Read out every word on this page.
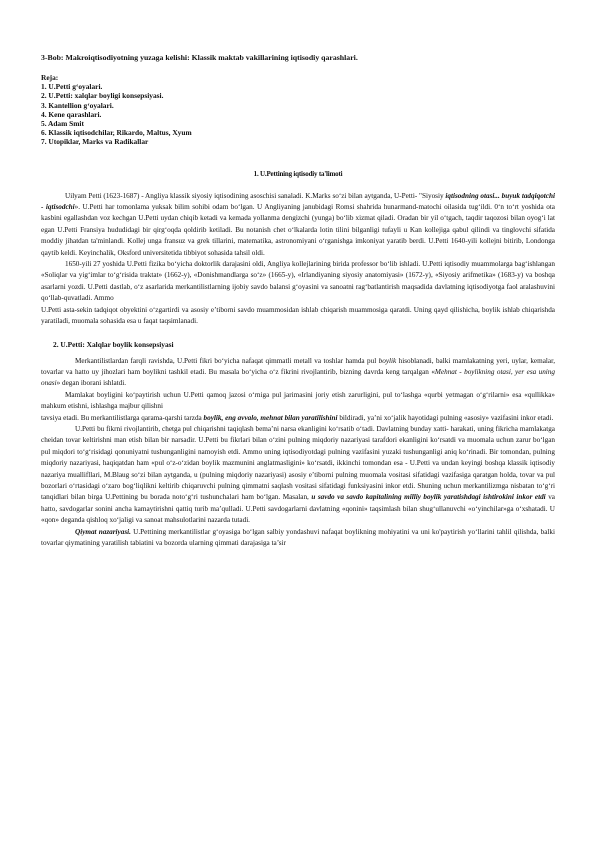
3-Bob: Makroiqtisodiyotning yuzaga kelishi: Klassik maktab vakillarining iqtisodiy qarashlari.
Reja:
1. U.Petti g‘oyalari.
2. U.Petti: xalqlar boyligi konsepsiyasi.
3. Kantellion g‘oyalari.
4. Kene qarashlari.
5. Adam Smit
6. Klassik iqtisodchilar, Rikardo, Maltus, Xyum
7. Utopiklar, Marks va Radikallar
1. U.Pettining iqtisodiy ta'limoti

Uilyam Petti (1623-1687) - Angliya klassik siyosiy iqtisodining asoschisi sanaladi. K.Marks so‘zi bilan aytganda, U-Petti- "Siyosiy iqtisodning otasi... buyuk tadqiqotchi - iqtisodchi». U.Petti har tomonlama yuksak bilim sohibi odam bo‘lgan. U Angliyaning janubidagi Romsi shahrida hunarmand-matochi oilasida tug‘ildi. 0‘n to‘rt yoshida ota kasbini egallashdan voz kechgan U.Petti uydan chiqib ketadi va kemada yollanma dengizchi (yunga) bo‘lib xizmat qiladi. Oradan bir yil o‘tgach, taqdir taqozosi bilan oyog‘i lat egan U.Petti Fransiya hududidagi bir qirg‘oqda qoldirib ketiladi. Bu notanish chet o‘lkalarda lotin tilini bilganligi tufayli u Kan kollejiga qabul qilindi va tinglovchi sifatida moddiy jihatdan ta'minlandi. Kollej unga fransuz va grek tillarini, matematika, astronomiyani o‘rganishga imkoniyat yaratib berdi. U.Petti 1640-yili kollejni bitirib, Londonga qaytib keldi. Keyinchalik, Oksford universitetida tibbiyot sohasida tahsil oldi.

1650-yili 27 yoshida U.Petti fizika bo‘yicha doktorlik darajasini oldi, Angliya kollejlarining birida professor bo‘lib ishladi. U.Petti iqtisodiy muammolarga bag‘ishlangan «Soliqlar va yig‘imlar to‘g‘risida traktat» (1662-y), «Donishmandlarga so‘z» (1665-y), «Irlandiyaning siyosiy anatomiyasi» (1672-y), «Siyosiy arifmetika» (1683-y) va boshqa asarlarni yozdi. U.Petti dastlab, o‘z asarlarida merkantilistlarning ijobiy savdo balansi g‘oyasini va sanoatni rag‘batlantirish maqsadida davlatning iqtisodiyotga faol aralashuvini qo‘llab-quvatladi. Ammo

U.Petti asta-sekin tadqiqot obyektini o‘zgartirdi va asosiy e’tiborni savdo muammosidan ishlab chiqarish muammosiga qaratdi. Uning qayd qilishicha, boylik ishlab chiqarishda yaratiladi, muomala sohasida esa u faqat taqsimlanadi.

2. U.Petti: Xalqlar boylik konsepsiyasi

Merkantilistlardan farqli ravishda, U.Petti fikri bo‘yicha nafaqat qimmatli metall va toshlar hamda pul boylik hisoblanadi, balki mamlakatning yeri, uylar, kemalar, tovarlar va hatto uy jihozlari ham boylikni tashkil etadi. Bu masala bo‘yicha o‘z fikrini rivojlantirib, bizning davrda keng tarqalgan «Mehnat - boylikning otasi, yer esa uning onasi» degan iborani ishlatdi.

Mamlakat boyligini ko‘paytirish uchun U.Petti qamoq jazosi o‘rniga pul jarimasini joriy etish zarurligini, pul to‘lashga «qurbi yetmagan o‘g‘rilarni» esa «qullikka» mahkum etishni, ishlashga majbur qilishni

tavsiya etadi. Bu merkantilistlarga qarama-qarshi tarzda boylik, eng avvalo, mehnat bilan yaratilishini bildiradi, ya’ni xo‘jalik hayotidagi pulning «asosiy» vazifasini inkor etadi.

U.Petti bu fikrni rivojlantirib, chetga pul chiqarishni taqiqlash bema’ni narsa ekanligini ko‘rsatib o‘tadi. Davlatning bunday xatti- harakati, uning fikricha mamlakatga cheidan tovar keltirishni man etish bilan bir narsadir. U.Petti bu fikrlari bilan o‘zini pulning miqdoriy nazariyasi tarafdori ekanligini ko‘rsatdi va muomala uchun zarur bo‘lgan pul miqdori to‘g‘risidagi qonuniyatni tushunganligini namoyish etdi. Ammo uning iqtisodiyotdagi pulning vazifasini yuzaki tushunganligi aniq ko‘rinadi. Bir tomondan, pulning miqdoriy nazariyasi, haqiqatdan ham «pul o‘z-o‘zidan boylik mazmunini anglatmasligini» ko‘rsatdi, ikkinchi tomondan esa - U.Petti va undan keyingi boshqa klassik iqtisodiy nazariya muallifllari, M.Blaug so‘zi bilan aytganda, u (pulning miqdoriy nazariyasi) asosiy e’tiborni pulning muomala vositasi sifatidagi vazifasiga qaratgan holda, tovar va pul bozorlari o‘rtasidagi o‘zaro bog‘liqlikni keltirib chiqaruvchi pulning qimmatni saqlash vositasi sifatidagi funksiyasini inkor etdi. Shuning uchun merkantilizmga nisbatan to‘g‘ri tanqidlari bilan birga U.Pettining bu borada noto‘g‘ri tushunchalari ham bo‘lgan. Masalan, u savdo va savdo kapitalining milliy boylik yaratishdagi ishtirokini inkor etdi va hatto, savdogarlar sonini ancha kamaytirishni qattiq turib ma’qulladi. U.Petti savdogarlarni davlatning «qonini» taqsimlash bilan shug‘ullanuvchi «o‘yinchilar»ga o‘xshatadi. U «qon» deganda qishloq xo‘jaligi va sanoat mahsulotlarini nazarda tutadi.

Qiymat nazariyasi. U.Pettining merkantilistlar g‘oyasiga bo‘lgan salbiy yondashuvi nafaqat boylikning mohiyatini va uni ko'paytirish yo‘llarini tahlil qilishda, balki tovarlar qiymatining yaratilish tabiatini va bozorda ularning qimmati darajasiga ta’sir
